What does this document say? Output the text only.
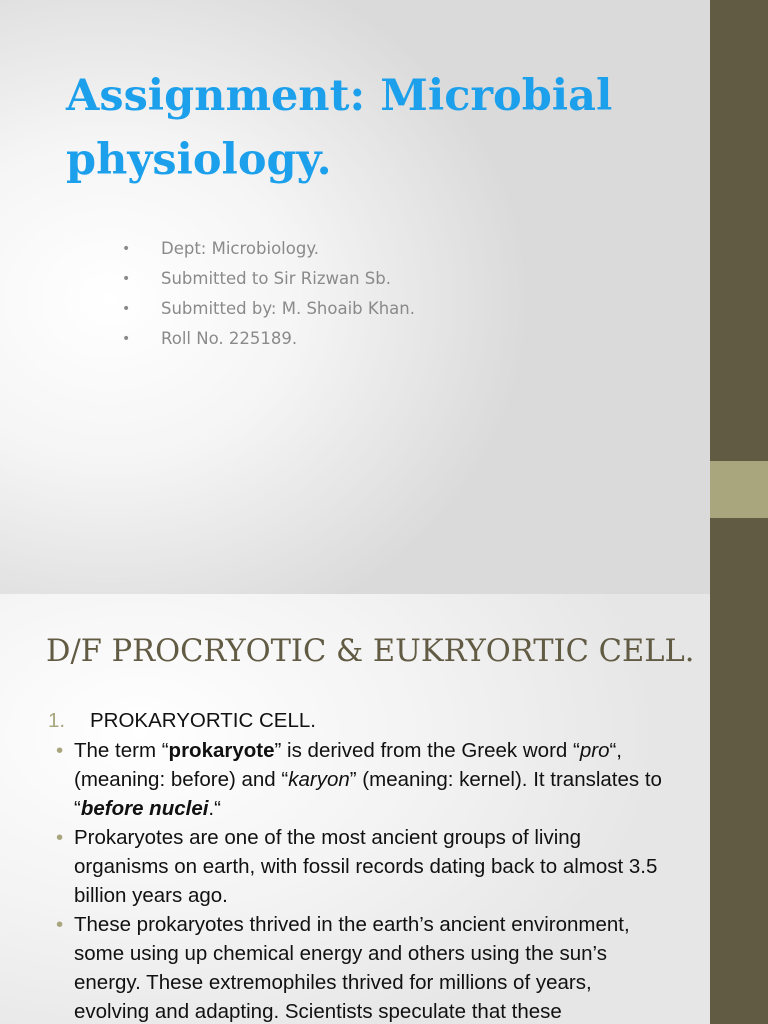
Assignment: Microbial physiology.
• Dept: Microbiology.
• Submitted to Sir Rizwan Sb.
• Submitted by: M. Shoaib Khan.
• Roll No. 225189.
D/F PROCRYOTIC & EUKRYORTIC CELL.
1. PROKARYORTIC CELL.
• The term “prokaryote” is derived from the Greek word “pro“, (meaning: before) and “karyon” (meaning: kernel). It translates to “before nuclei.“
• Prokaryotes are one of the most ancient groups of living organisms on earth, with fossil records dating back to almost 3.5 billion years ago.
• These prokaryotes thrived in the earth’s ancient environment, some using up chemical energy and others using the sun’s energy. These extremophiles thrived for millions of years, evolving and adapting. Scientists speculate that these
